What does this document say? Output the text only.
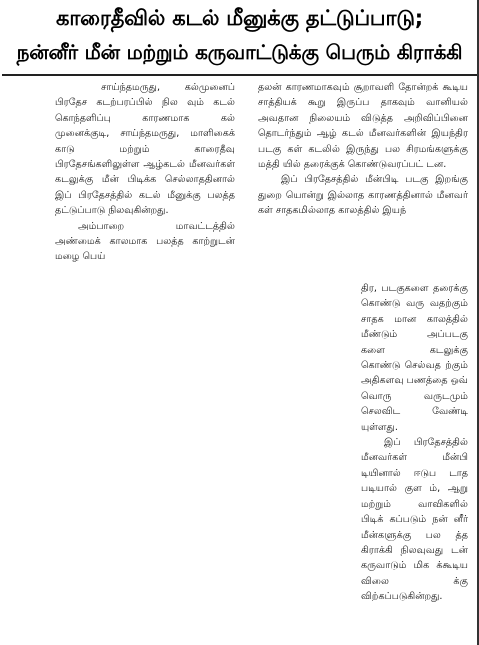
காரைதீவில் கடல் மீனுக்கு தட்டுப்பாடு;
நன்னீர் மீன் மற்றும் கருவாட்டுக்கு பெரும் கிராக்கி

சாய்ந்தமருது, கல்முனைப் பிரதேச கடற்பரப்பில் நில வும் கடல் கொந்தளிப்பு காரணமாக கல் முனைக்குடி, சாய்ந்தமருது, மாளிகைக் காடு மற்றும் காரைதீவு பிரதேசங்களிலுள்ள ஆழ்கடல் மீனவர்கள் கடலுக்கு மீன் பிடிக்க செல்லாததினால் இப் பிரதேசத்தில் கடல் மீனுக்கு பலத்த தட்டுப்பாடு நிலவுகின்றது.

அம்பாறை மாவட்டத்தில் அண்மைக் காலமாக பலத்த காற்றுடன் மழை பெய்

தலன் காரணமாகவும் சூறாவளி தோன்றக் கூடிய சாத்தியக் கூறு இருப்ப தாகவும் வானியல் அவதான நிலையம் விடுத்த அறிவிப்பினை தொடர்ந்தும் ஆழ் கடல் மீனவர்களின் இயந்திர படகு கள் கடலில் இருந்து பல சிரமங்களுக்கு மத்தி யில் தரைக்குக் கொண்டுவரப்பட் டன.

இப் பிரதேசத்தில் மீன்பிடி படகு இறங்கு துறை யொன்று இல்லாத காரணத்தினால் மீனவர் கள் சாதகமில்லாத காலத்தில் இயந்

திர, படகுகளை தரைக்கு கொண்டு வரு வதற்கும் சாதக மான காலத்தில் மீண்டும் அப்படகு களை கடலுக்கு கொண்டு செல்வத ற்கும் அதிகளவு பணத்தை ஒவ் வொரு வருடமும் செலவிட வேண்டி யுள்ளது.

இப் பிரதேசத்தில் மீனவர்கள் மீன்பி டியினால் ஈடுப டாத படியால் குள ம், ஆறு மற்றும் வாவிகளில் பிடிக் கப்படும் நன் னீர் மீன்களுக்கு பல த்த கிராக்கி நிலவுவது டன் கருவாடும் மிக க்கூடிய விலை க்கு விற்கப்படுகின்றது.
